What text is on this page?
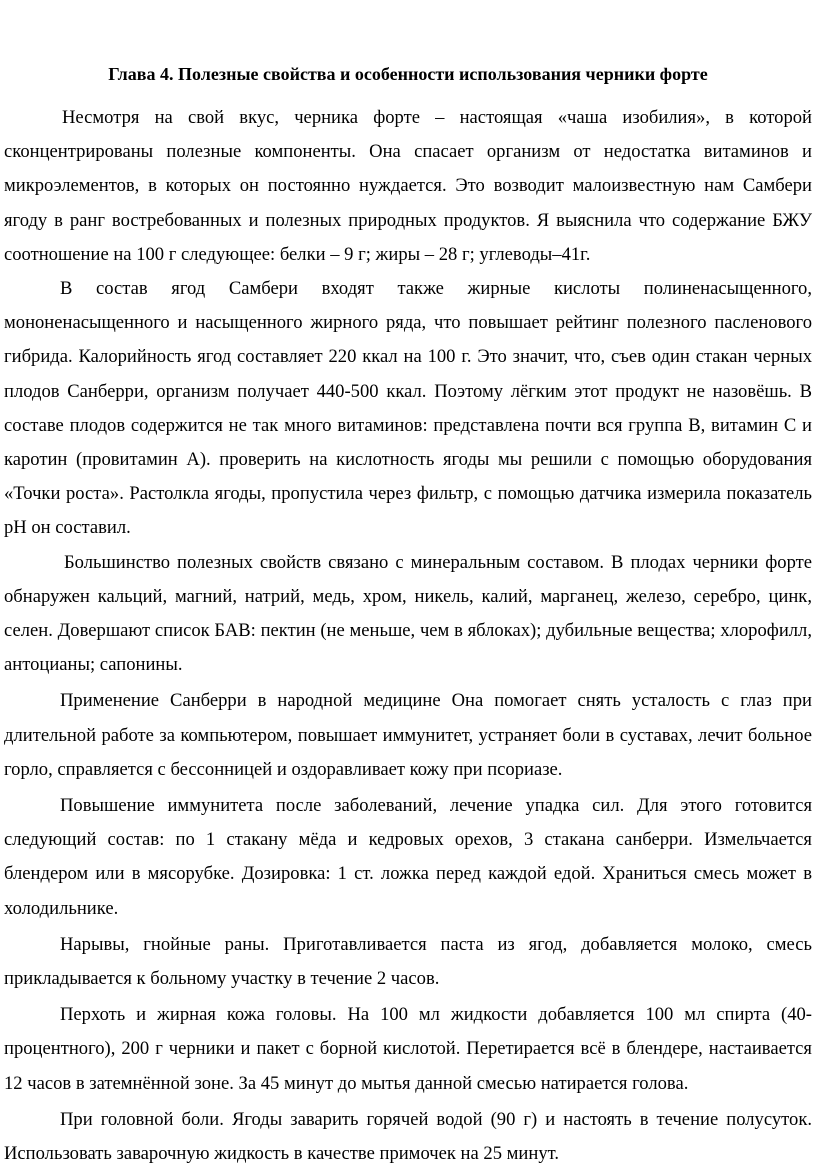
Глава 4. Полезные свойства и особенности использования черники форте

Несмотря на свой вкус, черника форте – настоящая «чаша изобилия», в которой сконцентрированы полезные компоненты. Она спасает организм от недостатка витаминов и микроэлементов, в которых он постоянно нуждается. Это возводит малоизвестную нам Самбери ягоду в ранг востребованных и полезных природных продуктов. Я выяснила что содержание БЖУ соотношение на 100 г следующее: белки – 9 г; жиры – 28 г; углеводы–41г.

В состав ягод Самбери входят также жирные кислоты полиненасыщенного, мононенасыщенного и насыщенного жирного ряда, что повышает рейтинг полезного пасленового гибрида. Калорийность ягод составляет 220 ккал на 100 г. Это значит, что, съев один стакан черных плодов Санберри, организм получает 440-500 ккал. Поэтому лёгким этот продукт не назовёшь. В составе плодов содержится не так много витаминов: представлена почти вся группа В, витамин С и каротин (провитамин А). проверить на кислотность ягоды мы решили с помощью оборудования «Точки роста». Растолкла ягоды, пропустила через фильтр, с помощью датчика измерила показатель рН он составил.

Большинство полезных свойств связано с минеральным составом. В плодах черники форте обнаружен кальций, магний, натрий, медь, хром, никель, калий, марганец, железо, серебро, цинк, селен. Довершают список БАВ: пектин (не меньше, чем в яблоках); дубильные вещества; хлорофилл, антоцианы; сапонины.

Применение Санберри в народной медицине Она помогает снять усталость с глаз при длительной работе за компьютером, повышает иммунитет, устраняет боли в суставах, лечит больное горло, справляется с бессонницей и оздоравливает кожу при псориазе.

Повышение иммунитета после заболеваний, лечение упадка сил. Для этого готовится следующий состав: по 1 стакану мёда и кедровых орехов, 3 стакана санберри. Измельчается блендером или в мясорубке. Дозировка: 1 ст. ложка перед каждой едой. Храниться смесь может в холодильнике.

Нарывы, гнойные раны. Приготавливается паста из ягод, добавляется молоко, смесь прикладывается к больному участку в течение 2 часов.

Перхоть и жирная кожа головы. На 100 мл жидкости добавляется 100 мл спирта (40-процентного), 200 г черники и пакет с борной кислотой. Перетирается всё в блендере, настаивается 12 часов в затемнённой зоне. За 45 минут до мытья данной смесью натирается голова.

При головной боли. Ягоды заварить горячей водой (90 г) и настоять в течение полусуток. Использовать заварочную жидкость в качестве примочек на 25 минут.
